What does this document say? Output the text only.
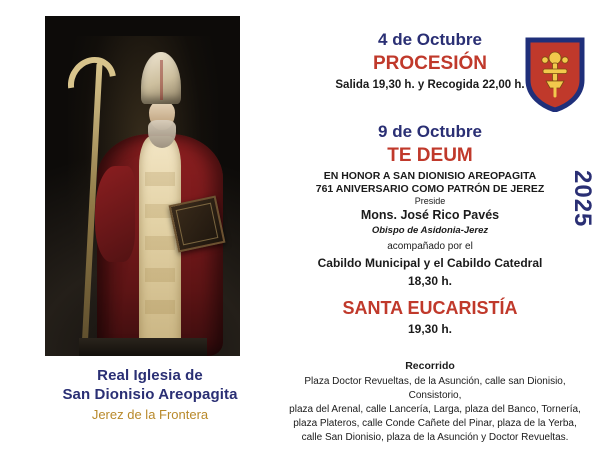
Real Iglesia de
San Dionisio Areopagita
Jerez de la Frontera
4 de Octubre
PROCESIÓN
Salida 19,30 h. y Recogida 22,00 h.
9 de Octubre
TE DEUM
EN HONOR A SAN DIONISIO AREOPAGITA
761 ANIVERSARIO COMO PATRÓN DE JEREZ
Preside
Mons. José Rico Pavés
Obispo de Asidonia-Jerez
acompañado por el
Cabildo Municipal y el Cabildo Catedral
18,30 h.
SANTA EUCARISTÍA
19,30 h.
Recorrido
Plaza Doctor Revueltas, de la Asunción, calle san Dionisio, Consistorio,
plaza del Arenal, calle Lancería, Larga, plaza del Banco, Tornería,
plaza Plateros, calle Conde Cañete del Pinar, plaza de la Yerba,
calle San Dionisio, plaza de la Asunción y Doctor Revueltas.
2025
